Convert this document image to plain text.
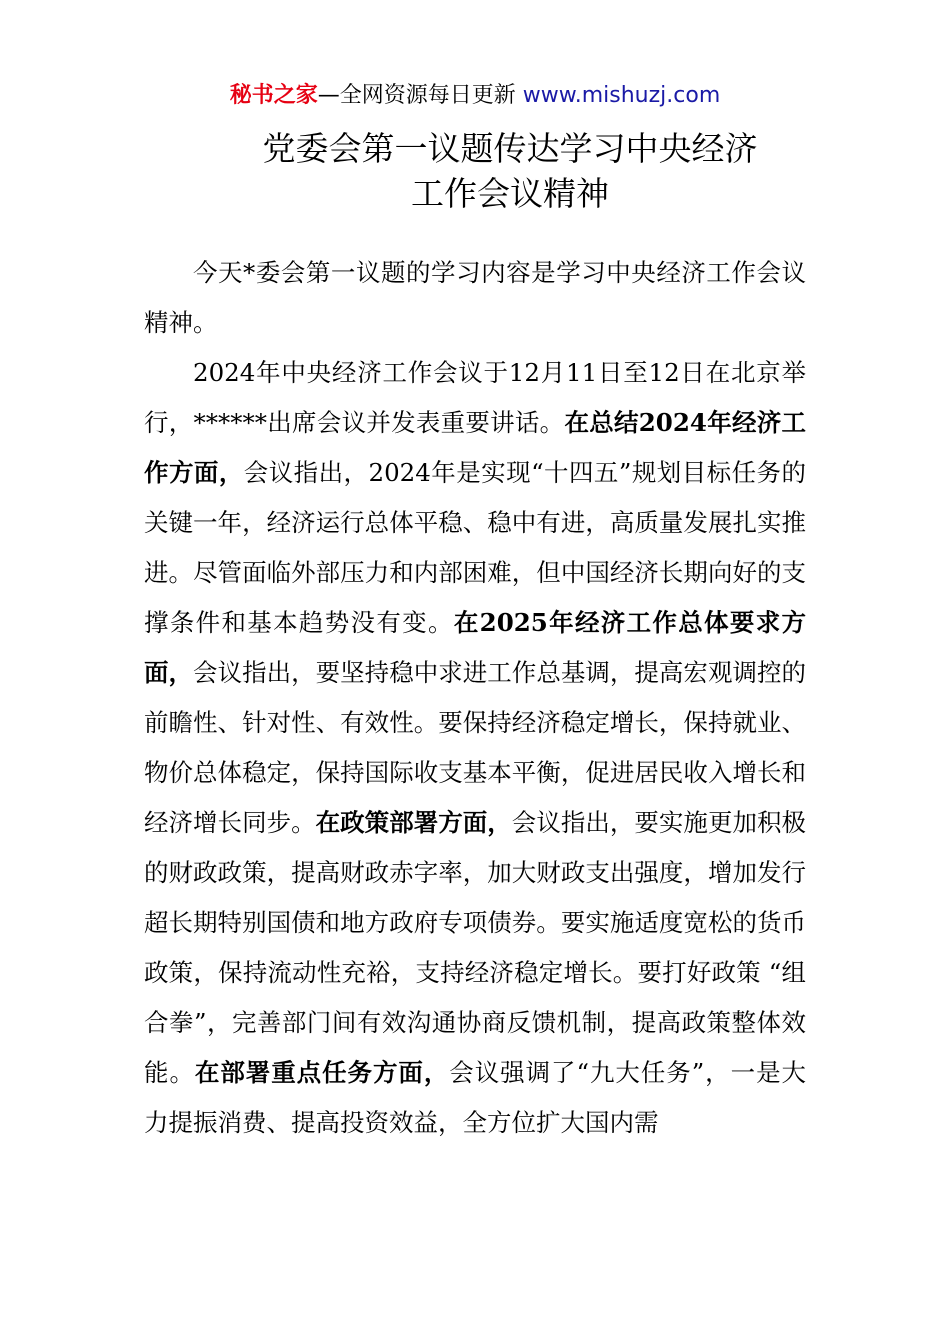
秘书之家—全网资源每日更新 www.mishuzj.com
党委会第一议题传达学习中央经济
工作会议精神

今天*委会第一议题的学习内容是学习中央经济工作会议精神。

2024年中央经济工作会议于12月11日至12日在北京举行，******出席会议并发表重要讲话。在总结2024年经济工作方面，会议指出，2024年是实现“十四五”规划目标任务的关键一年，经济运行总体平稳、稳中有进，高质量发展扎实推进。尽管面临外部压力和内部困难，但中国经济长期向好的支撑条件和基本趋势没有变。在2025年经济工作总体要求方面，会议指出，要坚持稳中求进工作总基调，提高宏观调控的前瞻性、针对性、有效性。要保持经济稳定增长，保持就业、物价总体稳定，保持国际收支基本平衡，促进居民收入增长和经济增长同步。在政策部署方面，会议指出，要实施更加积极的财政政策，提高财政赤字率，加大财政支出强度，增加发行超长期特别国债和地方政府专项债券。要实施适度宽松的货币政策，保持流动性充裕，支持经济稳定增长。要打好政策 “组合拳”，完善部门间有效沟通协商反馈机制，提高政策整体效能。在部署重点任务方面，会议强调了“九大任务”，一是大力提振消费、提高投资效益，全方位扩大国内需
